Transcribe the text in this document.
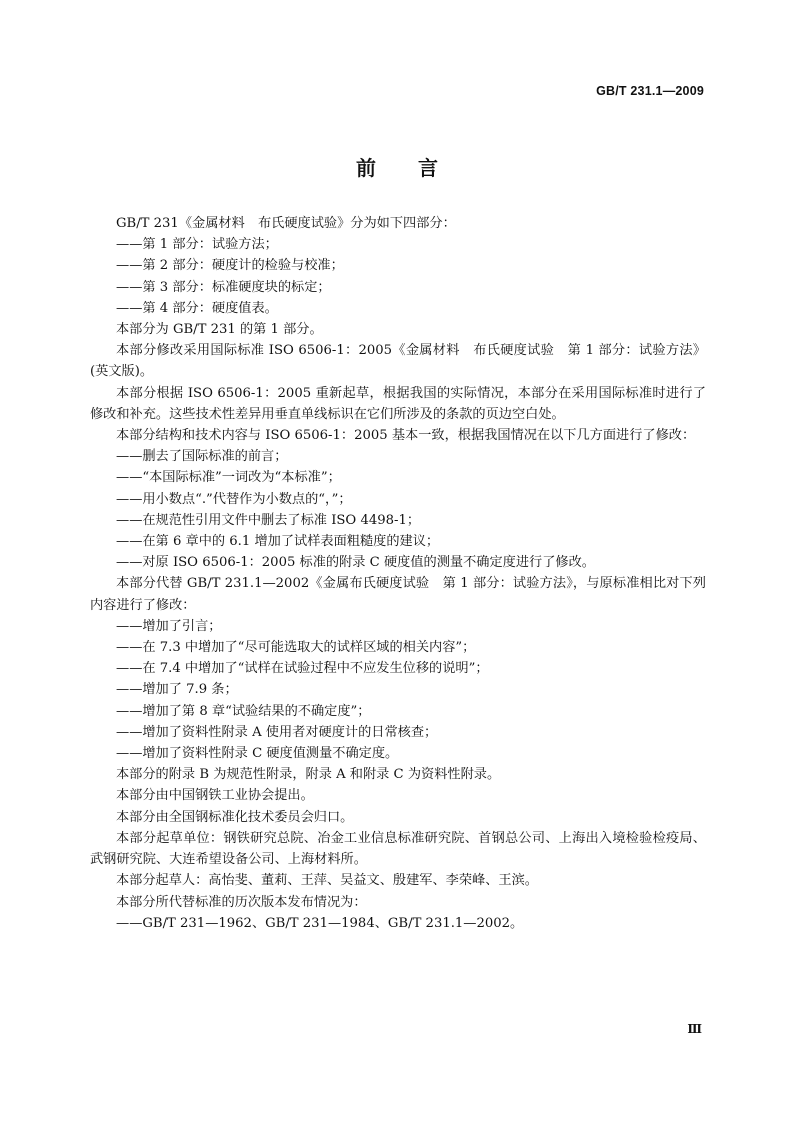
GB/T 231.1—2009
前 言

GB/T 231《金属材料　布氏硬度试验》分为如下四部分：

——第 1 部分：试验方法；

——第 2 部分：硬度计的检验与校准；

——第 3 部分：标准硬度块的标定；

——第 4 部分：硬度值表。

本部分为 GB/T 231 的第 1 部分。

本部分修改采用国际标准 ISO 6506-1：2005《金属材料　布氏硬度试验　第 1 部分：试验方法》(英文版)。

本部分根据 ISO 6506-1：2005 重新起草，根据我国的实际情况，本部分在采用国际标准时进行了修改和补充。这些技术性差异用垂直单线标识在它们所涉及的条款的页边空白处。

本部分结构和技术内容与 ISO 6506-1：2005 基本一致，根据我国情况在以下几方面进行了修改：

——删去了国际标准的前言；

——“本国际标准”一词改为“本标准”；

——用小数点“.”代替作为小数点的“，”；

——在规范性引用文件中删去了标准 ISO 4498-1；

——在第 6 章中的 6.1 增加了试样表面粗糙度的建议；

——对原 ISO 6506-1：2005 标准的附录 C 硬度值的测量不确定度进行了修改。

本部分代替 GB/T 231.1—2002《金属布氏硬度试验　第 1 部分：试验方法》，与原标准相比对下列内容进行了修改：

——增加了引言；

——在 7.3 中增加了“尽可能选取大的试样区域的相关内容”；

——在 7.4 中增加了“试样在试验过程中不应发生位移的说明”；

——增加了 7.9 条；

——增加了第 8 章“试验结果的不确定度”；

——增加了资料性附录 A 使用者对硬度计的日常核查；

——增加了资料性附录 C 硬度值测量不确定度。

本部分的附录 B 为规范性附录，附录 A 和附录 C 为资料性附录。

本部分由中国钢铁工业协会提出。

本部分由全国钢标准化技术委员会归口。

本部分起草单位：钢铁研究总院、冶金工业信息标准研究院、首钢总公司、上海出入境检验检疫局、武钢研究院、大连希望设备公司、上海材料所。

本部分起草人：高怡斐、董莉、王萍、吴益文、殷建军、李荣峰、王滨。

本部分所代替标准的历次版本发布情况为：

——GB/T 231—1962、GB/T 231—1984、GB/T 231.1—2002。

Ⅲ
